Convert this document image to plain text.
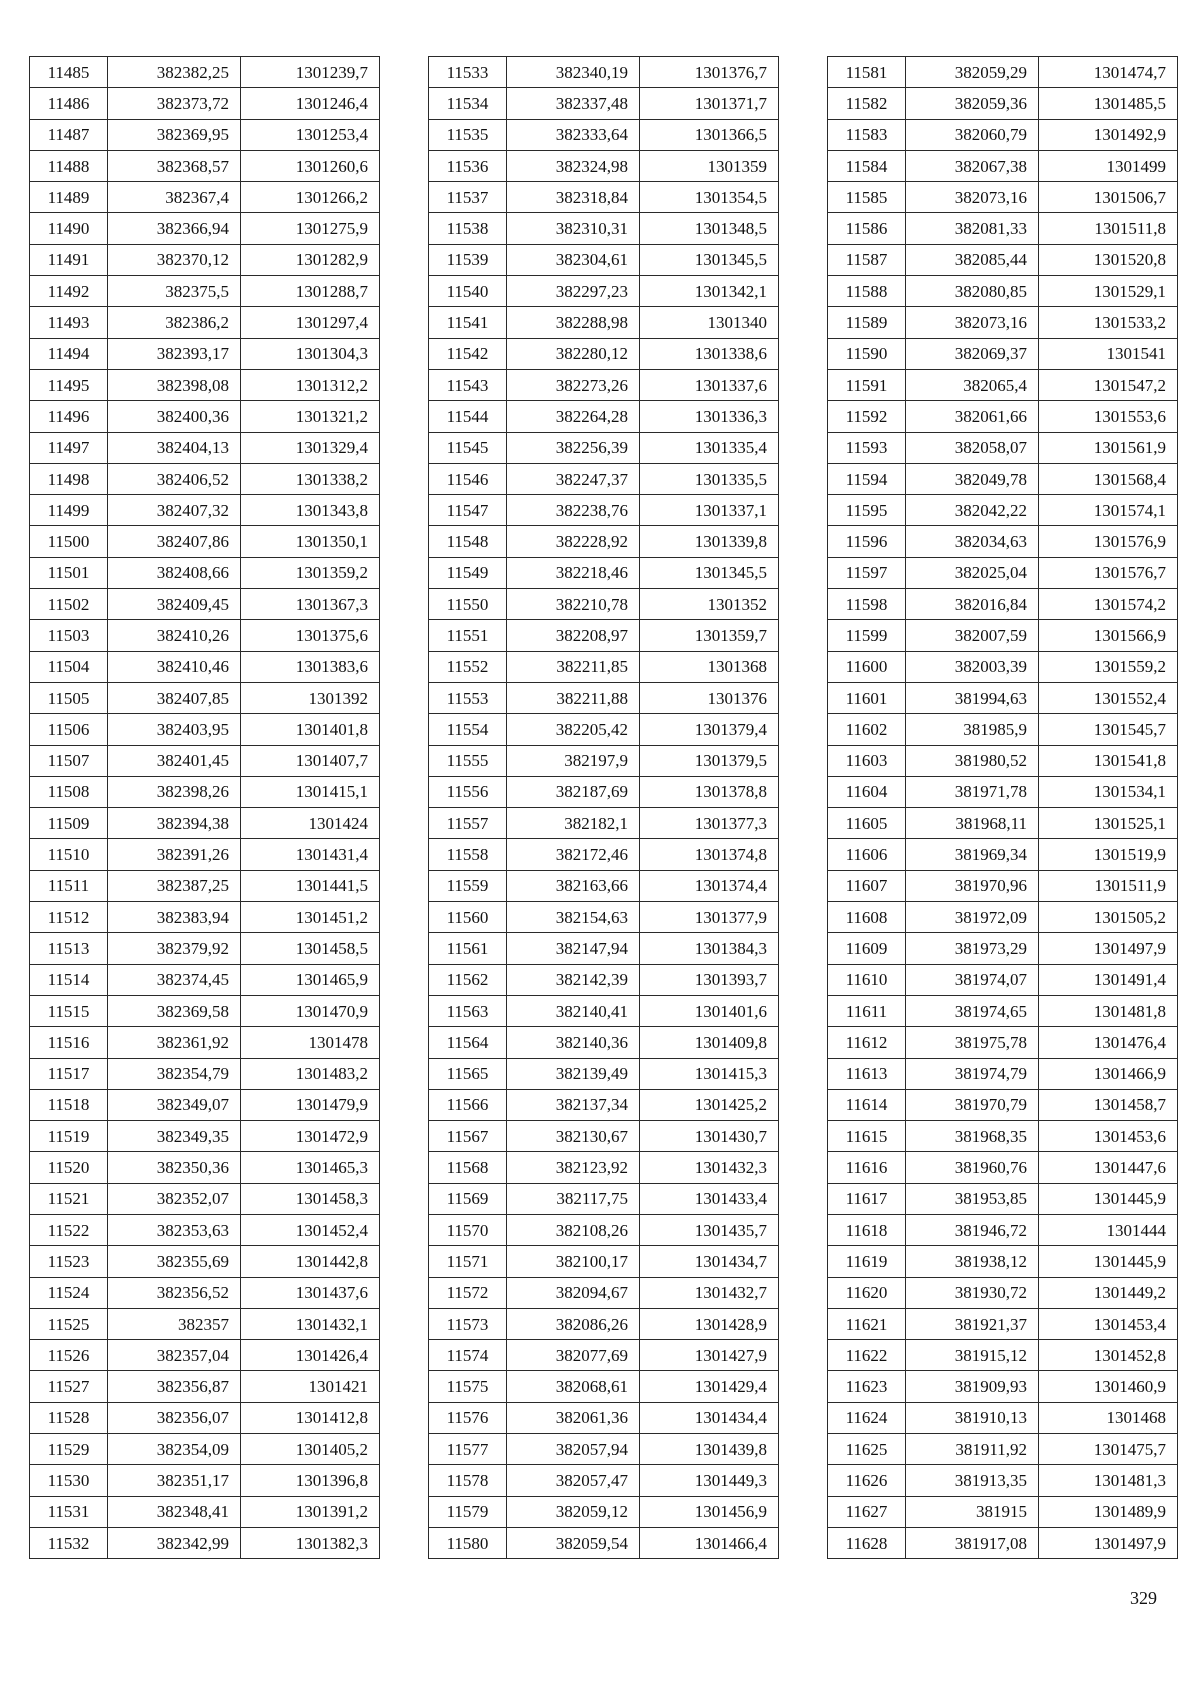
11485	382382,25	1301239,7
11486	382373,72	1301246,4
11487	382369,95	1301253,4
11488	382368,57	1301260,6
11489	382367,4	1301266,2
11490	382366,94	1301275,9
11491	382370,12	1301282,9
11492	382375,5	1301288,7
11493	382386,2	1301297,4
11494	382393,17	1301304,3
11495	382398,08	1301312,2
11496	382400,36	1301321,2
11497	382404,13	1301329,4
11498	382406,52	1301338,2
11499	382407,32	1301343,8
11500	382407,86	1301350,1
11501	382408,66	1301359,2
11502	382409,45	1301367,3
11503	382410,26	1301375,6
11504	382410,46	1301383,6
11505	382407,85	1301392
11506	382403,95	1301401,8
11507	382401,45	1301407,7
11508	382398,26	1301415,1
11509	382394,38	1301424
11510	382391,26	1301431,4
11511	382387,25	1301441,5
11512	382383,94	1301451,2
11513	382379,92	1301458,5
11514	382374,45	1301465,9
11515	382369,58	1301470,9
11516	382361,92	1301478
11517	382354,79	1301483,2
11518	382349,07	1301479,9
11519	382349,35	1301472,9
11520	382350,36	1301465,3
11521	382352,07	1301458,3
11522	382353,63	1301452,4
11523	382355,69	1301442,8
11524	382356,52	1301437,6
11525	382357	1301432,1
11526	382357,04	1301426,4
11527	382356,87	1301421
11528	382356,07	1301412,8
11529	382354,09	1301405,2
11530	382351,17	1301396,8
11531	382348,41	1301391,2
11532	382342,99	1301382,3
11533	382340,19	1301376,7
11534	382337,48	1301371,7
11535	382333,64	1301366,5
11536	382324,98	1301359
11537	382318,84	1301354,5
11538	382310,31	1301348,5
11539	382304,61	1301345,5
11540	382297,23	1301342,1
11541	382288,98	1301340
11542	382280,12	1301338,6
11543	382273,26	1301337,6
11544	382264,28	1301336,3
11545	382256,39	1301335,4
11546	382247,37	1301335,5
11547	382238,76	1301337,1
11548	382228,92	1301339,8
11549	382218,46	1301345,5
11550	382210,78	1301352
11551	382208,97	1301359,7
11552	382211,85	1301368
11553	382211,88	1301376
11554	382205,42	1301379,4
11555	382197,9	1301379,5
11556	382187,69	1301378,8
11557	382182,1	1301377,3
11558	382172,46	1301374,8
11559	382163,66	1301374,4
11560	382154,63	1301377,9
11561	382147,94	1301384,3
11562	382142,39	1301393,7
11563	382140,41	1301401,6
11564	382140,36	1301409,8
11565	382139,49	1301415,3
11566	382137,34	1301425,2
11567	382130,67	1301430,7
11568	382123,92	1301432,3
11569	382117,75	1301433,4
11570	382108,26	1301435,7
11571	382100,17	1301434,7
11572	382094,67	1301432,7
11573	382086,26	1301428,9
11574	382077,69	1301427,9
11575	382068,61	1301429,4
11576	382061,36	1301434,4
11577	382057,94	1301439,8
11578	382057,47	1301449,3
11579	382059,12	1301456,9
11580	382059,54	1301466,4
11581	382059,29	1301474,7
11582	382059,36	1301485,5
11583	382060,79	1301492,9
11584	382067,38	1301499
11585	382073,16	1301506,7
11586	382081,33	1301511,8
11587	382085,44	1301520,8
11588	382080,85	1301529,1
11589	382073,16	1301533,2
11590	382069,37	1301541
11591	382065,4	1301547,2
11592	382061,66	1301553,6
11593	382058,07	1301561,9
11594	382049,78	1301568,4
11595	382042,22	1301574,1
11596	382034,63	1301576,9
11597	382025,04	1301576,7
11598	382016,84	1301574,2
11599	382007,59	1301566,9
11600	382003,39	1301559,2
11601	381994,63	1301552,4
11602	381985,9	1301545,7
11603	381980,52	1301541,8
11604	381971,78	1301534,1
11605	381968,11	1301525,1
11606	381969,34	1301519,9
11607	381970,96	1301511,9
11608	381972,09	1301505,2
11609	381973,29	1301497,9
11610	381974,07	1301491,4
11611	381974,65	1301481,8
11612	381975,78	1301476,4
11613	381974,79	1301466,9
11614	381970,79	1301458,7
11615	381968,35	1301453,6
11616	381960,76	1301447,6
11617	381953,85	1301445,9
11618	381946,72	1301444
11619	381938,12	1301445,9
11620	381930,72	1301449,2
11621	381921,37	1301453,4
11622	381915,12	1301452,8
11623	381909,93	1301460,9
11624	381910,13	1301468
11625	381911,92	1301475,7
11626	381913,35	1301481,3
11627	381915	1301489,9
11628	381917,08	1301497,9
329
